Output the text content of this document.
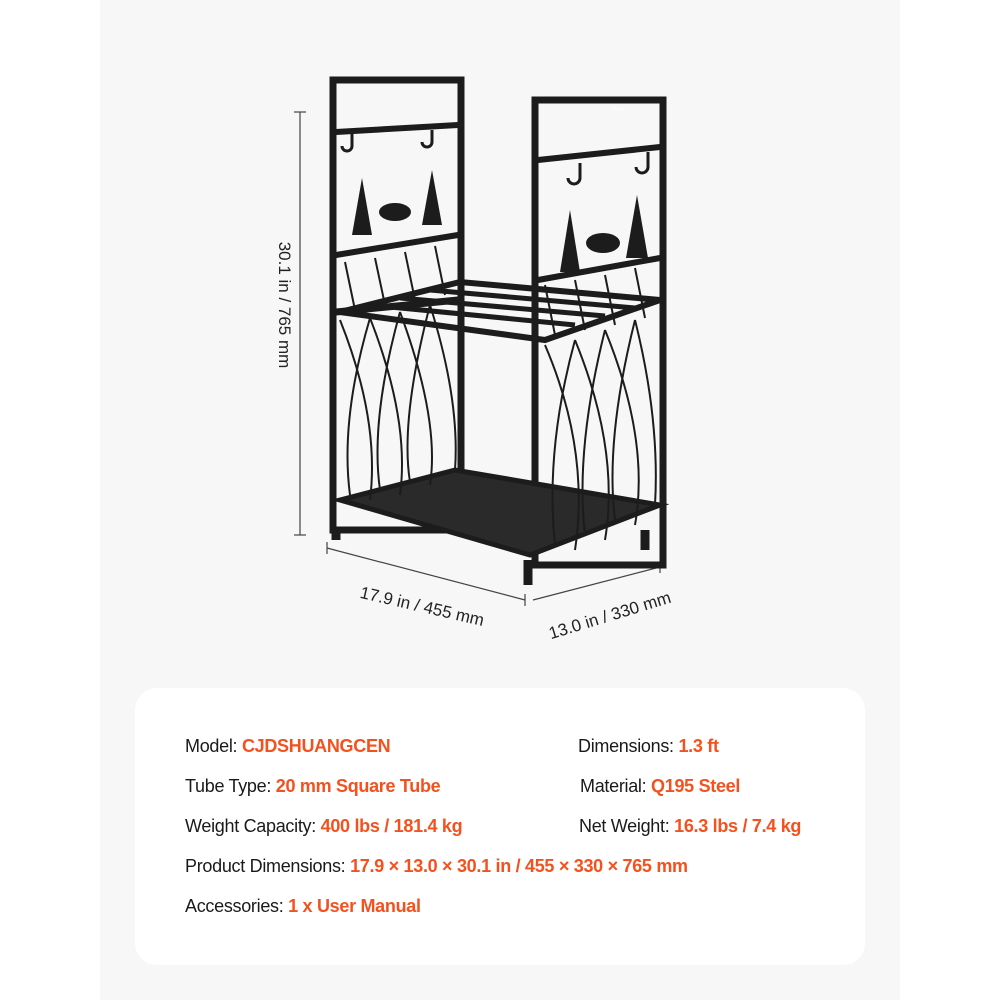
VEVOR
30.1 in / 765 mm
17.9 in / 455 mm	13.0 in / 330 mm
Model: CJDSHUANGCEN	Dimensions: 1.3 ft
Tube Type: 20 mm Square Tube	Material: Q195 Steel
Weight Capacity: 400 lbs / 181.4 kg	Net Weight: 16.3 lbs / 7.4 kg
Product Dimensions: 17.9 × 13.0 × 30.1 in / 455 × 330 × 765 mm
Accessories: 1 x User Manual
